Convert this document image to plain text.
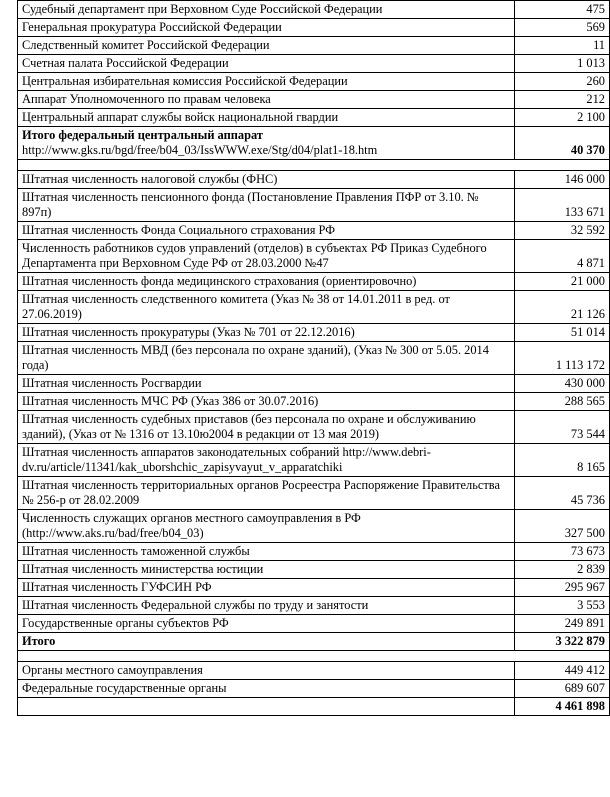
Судебный департамент при Верховном Суде Российской Федерации	475
Генеральная прокуратура Российской Федерации	569
Следственный комитет Российской Федерации	11
Счетная палата Российской Федерации	1 013
Центральная избирательная комиссия Российской Федерации	260
Аппарат Уполномоченного по правам человека	212
Центральный аппарат службы войск национальной гвардии	2 100

Итого федеральный центральный аппарат
http://www.gks.ru/bgd/free/b04_03/IssWWW.exe/Stg/d04/plat1-18.htm	40 370

Штатная численность налоговой службы (ФНС)	146 000
Штатная численность пенсионного фонда (Постановление Правления ПФР от 3.10. № 897п)	133 671
Штатная численность Фонда Социального страхования РФ	32 592
Численность работников судов управлений (отделов) в субъектах РФ Приказ Судебного Департамента при Верховном Суде РФ от 28.03.2000 №47	4 871
Штатная численность фонда медицинского страхования (ориентировочно)	21 000
Штатная численность следственного комитета (Указ № 38 от 14.01.2011 в ред. от 27.06.2019)	21 126
Штатная численность прокуратуры (Указ № 701 от 22.12.2016)	51 014
Штатная численность МВД (без персонала по охране зданий), (Указ № 300 от 5.05. 2014 года)	1 113 172
Штатная численность Росгвардии	430 000
Штатная численность МЧС РФ (Указ 386 от 30.07.2016)	288 565
Штатная численность судебных приставов (без персонала по охране и обслуживанию зданий), (Указ от № 1316 от 13.10ю2004 в редакции от 13 мая 2019)	73 544
Штатная численность аппаратов законодательных собраний http://www.debri-dv.ru/article/11341/kak_uborshchic_zapisyvayut_v_apparatchiki	8 165
Штатная численность территориальных органов Росреестра Распоряжение Правительства № 256-р от 28.02.2009	45 736
Численность служащих органов местного самоуправления в РФ (http://www.aks.ru/bad/free/b04_03)	327 500
Штатная численность таможенной службы	73 673
Штатная численность министерства юстиции	2 839
Штатная численность ГУФСИН РФ	295 967
Штатная численность Федеральной службы по труду и занятости	3 553
Государственные органы субъектов РФ	249 891
Итого	3 322 879

Органы местного самоуправления	449 412
Федеральные государственные органы	689 607
	4 461 898
